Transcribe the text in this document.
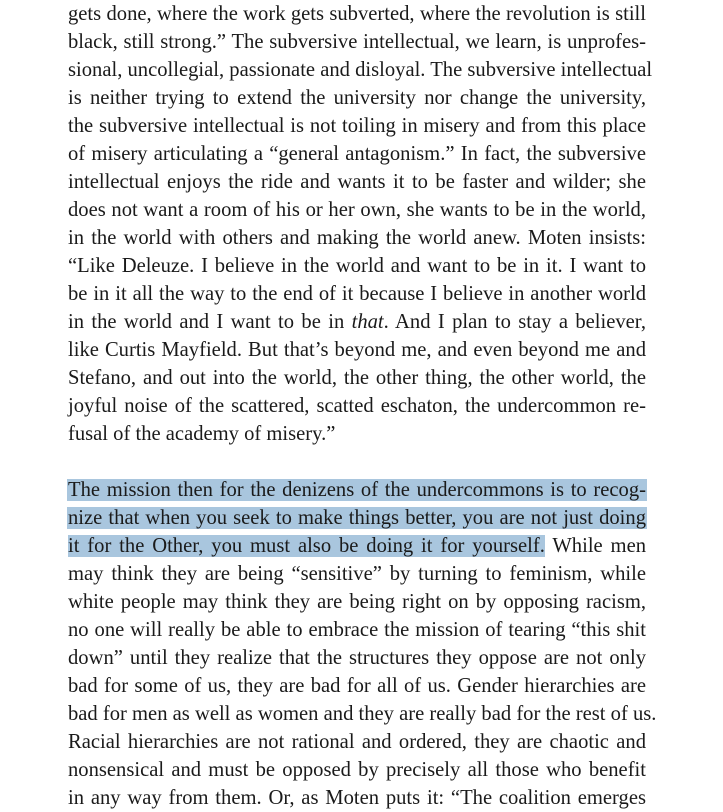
gets done, where the work gets subverted, where the revolution is still
black, still strong.” The subversive intellectual, we learn, is unprofes-
sional, uncollegial, passionate and disloyal. The subversive intellectual
is neither trying to extend the university nor change the university,
the subversive intellectual is not toiling in misery and from this place
of misery articulating a “general antagonism.” In fact, the subversive
intellectual enjoys the ride and wants it to be faster and wilder; she
does not want a room of his or her own, she wants to be in the world,
in the world with others and making the world anew. Moten insists:
“Like Deleuze. I believe in the world and want to be in it. I want to
be in it all the way to the end of it because I believe in another world
in the world and I want to be in that. And I plan to stay a believer,
like Curtis Mayfield. But that’s beyond me, and even beyond me and
Stefano, and out into the world, the other thing, the other world, the
joyful noise of the scattered, scatted eschaton, the undercommon re-
fusal of the academy of misery.”
The mission then for the denizens of the undercommons is to recog-
nize that when you seek to make things better, you are not just doing
it for the Other, you must also be doing it for yourself. While men
may think they are being “sensitive” by turning to feminism, while
white people may think they are being right on by opposing racism,
no one will really be able to embrace the mission of tearing “this shit
down” until they realize that the structures they oppose are not only
bad for some of us, they are bad for all of us. Gender hierarchies are
bad for men as well as women and they are really bad for the rest of us.
Racial hierarchies are not rational and ordered, they are chaotic and
nonsensical and must be opposed by precisely all those who benefit
in any way from them. Or, as Moten puts it: “The coalition emerges
